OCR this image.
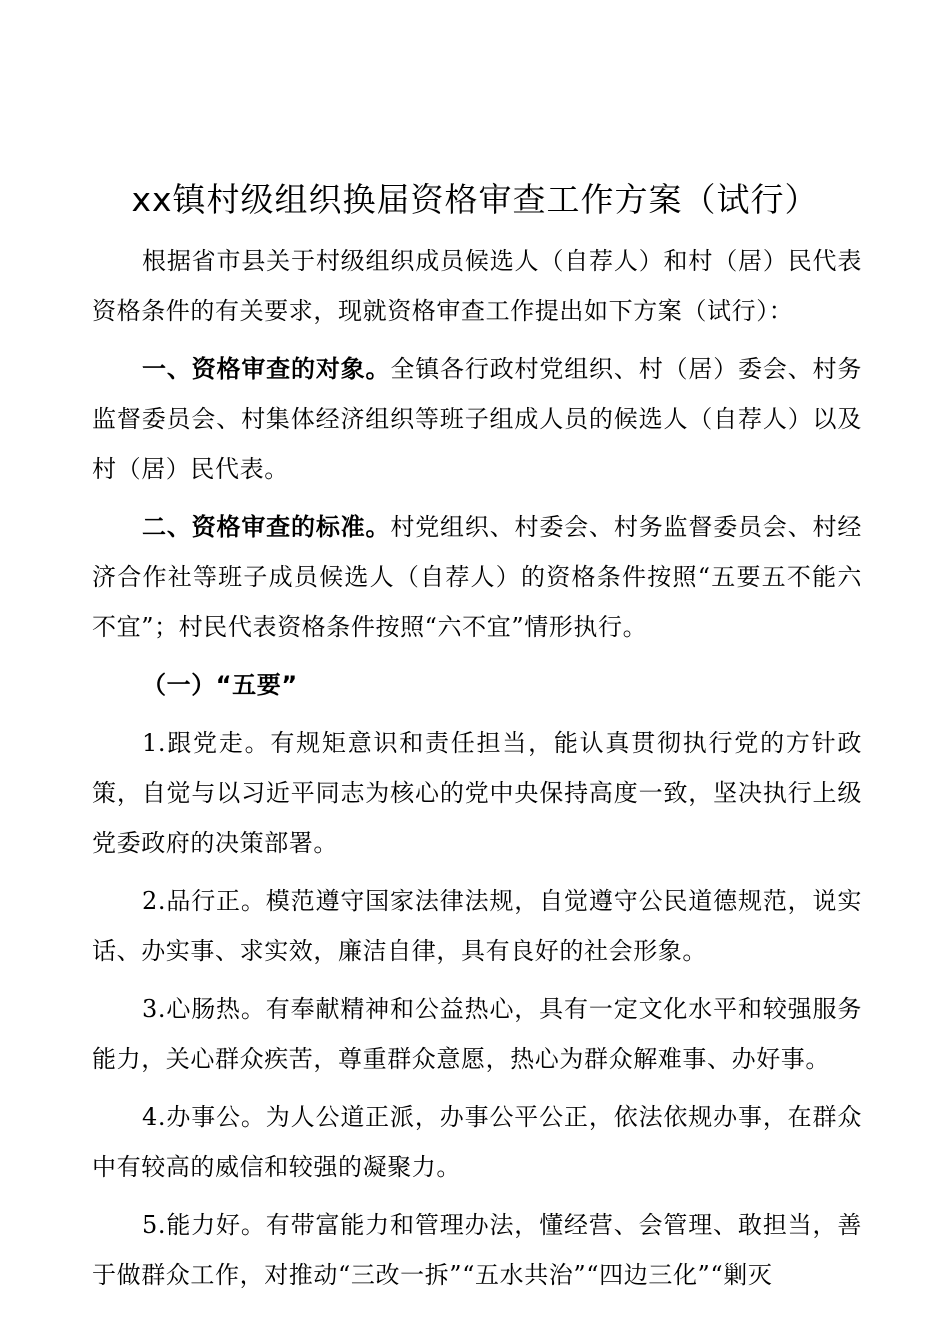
xx镇村级组织换届资格审查工作方案（试行）

根据省市县关于村级组织成员候选人（自荐人）和村（居）民代表资格条件的有关要求，现就资格审查工作提出如下方案（试行）：

一、资格审查的对象。全镇各行政村党组织、村（居）委会、村务监督委员会、村集体经济组织等班子组成人员的候选人（自荐人）以及村（居）民代表。

二、资格审查的标准。村党组织、村委会、村务监督委员会、村经济合作社等班子成员候选人（自荐人）的资格条件按照“五要五不能六不宜”；村民代表资格条件按照“六不宜”情形执行。

（一）“五要”

1.跟党走。有规矩意识和责任担当，能认真贯彻执行党的方针政策，自觉与以习近平同志为核心的党中央保持高度一致，坚决执行上级党委政府的决策部署。

2.品行正。模范遵守国家法律法规，自觉遵守公民道德规范，说实话、办实事、求实效，廉洁自律，具有良好的社会形象。

3.心肠热。有奉献精神和公益热心，具有一定文化水平和较强服务能力，关心群众疾苦，尊重群众意愿，热心为群众解难事、办好事。

4.办事公。为人公道正派，办事公平公正，依法依规办事，在群众中有较高的威信和较强的凝聚力。

5.能力好。有带富能力和管理办法，懂经营、会管理、敢担当，善于做群众工作，对推动“三改一拆”“五水共治”“四边三化”“剿灭
